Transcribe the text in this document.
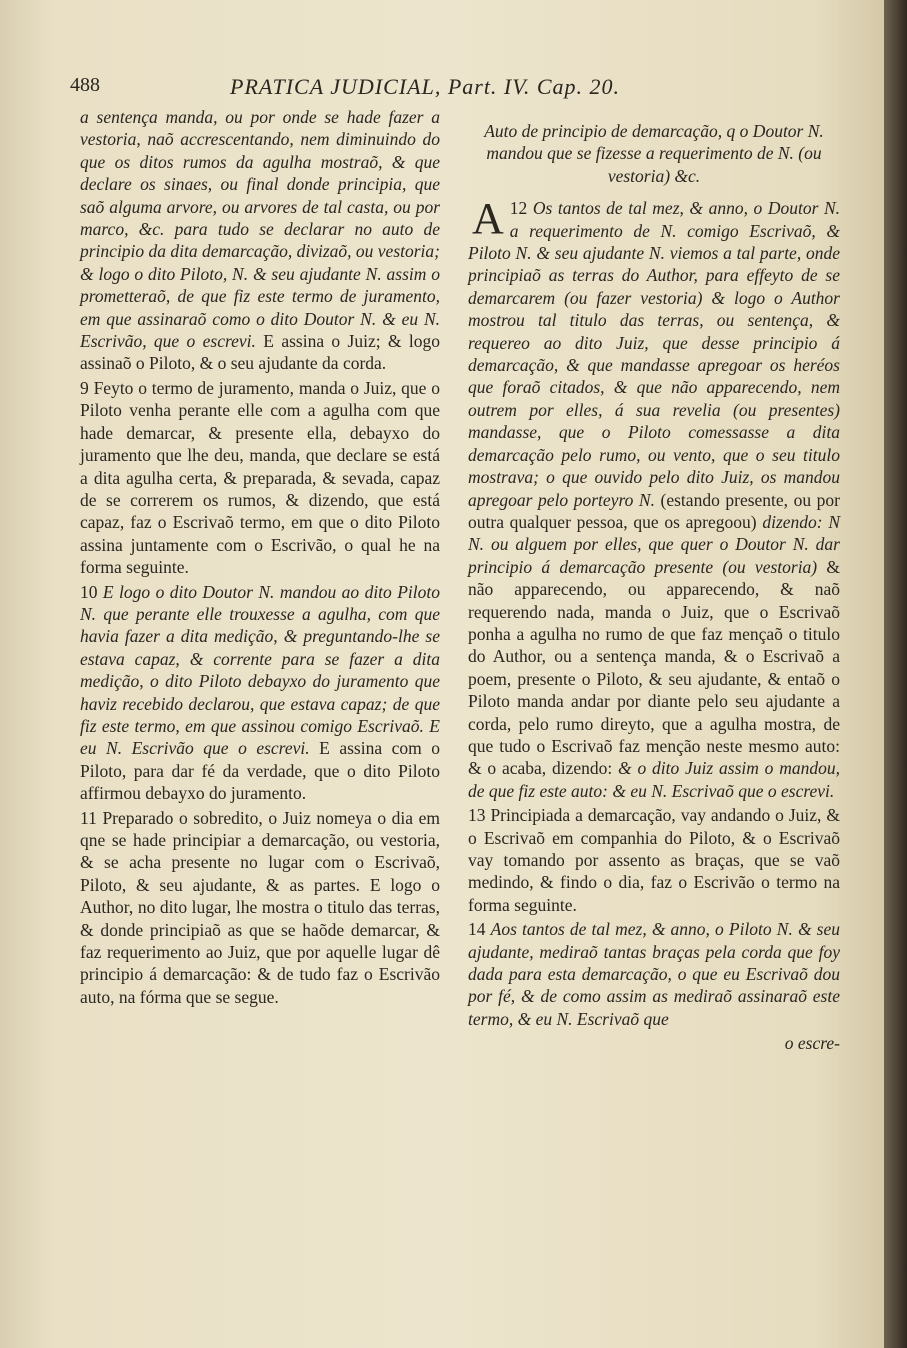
488	PRATICA JUDICIAL, Part. IV. Cap. 20.

a sentença manda, ou por onde se hade fazer a vestoria, naõ accrescentando, nem diminuindo do que os ditos rumos da agulha mostraõ, & que declare os sinaes, ou final donde principia, que saõ alguma arvore, ou arvores de tal casta, ou por marco, &c. para tudo se declarar no auto de principio da dita demarcação, divizaõ, ou vestoria; & logo o dito Piloto, N. & seu ajudante N. assim o prometteraõ, de que fiz este termo de juramento, em que assinaraõ como o dito Doutor N. & eu N. Escrivão, que o escrevi. E assina o Juiz; & logo assinaõ o Piloto, & o seu ajudante da corda.

9 Feyto o termo de juramento, manda o Juiz, que o Piloto venha perante elle com a agulha com que hade demarcar, & presente ella, debayxo do juramento que lhe deu, manda, que declare se está a dita agulha certa, & preparada, & sevada, capaz de se correrem os rumos, & dizendo, que está capaz, faz o Escrivaõ termo, em que o dito Piloto assina juntamente com o Escrivão, o qual he na forma seguinte.

10 E logo o dito Doutor N. mandou ao dito Piloto N. que perante elle trouxesse a agulha, com que havia fazer a dita medição, & preguntando-lhe se estava capaz, & corrente para se fazer a dita medição, o dito Piloto debayxo do juramento que haviz recebido declarou, que estava capaz; de que fiz este termo, em que assinou comigo Escrivaõ. E eu N. Escrivão que o escrevi. E assina com o Piloto, para dar fé da verdade, que o dito Piloto affirmou debayxo do juramento.

11 Preparado o sobredito, o Juiz nomeya o dia em qne se hade principiar a demarcação, ou vestoria, & se acha presente no lugar com o Escrivaõ, Piloto, & seu ajudante, & as partes. E logo o Author, no dito lugar, lhe mostra o titulo das terras, & donde principiaõ as que se haõde demarcar, & faz requerimento ao Juiz, que por aquelle lugar dê principio á demarcação: & de tudo faz o Escrivão auto, na fórma que se segue.

Auto de principio de demarcação, q o Doutor N. mandou que se fizesse a requerimento de N. (ou vestoria) &c.

12
A Os tantos de tal mez, & anno, o Doutor N. a requerimento de N. comigo Escrivaõ, & Piloto N. & seu ajudante N. viemos a tal parte, onde principiaõ as terras do Author, para effeyto de se demarcarem (ou fazer vestoria) & logo o Author mostrou tal titulo das terras, ou sentença, & requereo ao dito Juiz, que desse principio á demarcação, & que mandasse apregoar os heréos que foraõ citados, & que não apparecendo, nem outrem por elles, á sua revelia (ou presentes) mandasse, que o Piloto comessasse a dita demarcação pelo rumo, ou vento, que o seu titulo mostrava; o que ouvido pelo dito Juiz, os mandou apregoar pelo porteyro N. (estando presente, ou por outra qualquer pessoa, que os apregoou) dizendo: N N. ou alguem por elles, que quer o Doutor N. dar principio á demarcação presente (ou vestoria) & não apparecendo, ou apparecendo, & naõ requerendo nada, manda o Juiz, que o Escrivaõ ponha a agulha no rumo de que faz mençaõ o titulo do Author, ou a sentença manda, & o Escrivaõ a poem, presente o Piloto, & seu ajudante, & entaõ o Piloto manda andar por diante pelo seu ajudante a corda, pelo rumo direyto, que a agulha mostra, de que tudo o Escrivaõ faz menção neste mesmo auto: & o acaba, dizendo: & o dito Juiz assim o mandou, de que fiz este auto: & eu N. Escrivaõ que o escrevi.

13 Principiada a demarcação, vay andando o Juiz, & o Escrivaõ em companhia do Piloto, & o Escrivaõ vay tomando por assento as braças, que se vaõ medindo, & findo o dia, faz o Escrivão o termo na forma seguinte.

14 Aos tantos de tal mez, & anno, o Piloto N. & seu ajudante, mediraõ tantas braças pela corda que foy dada para esta demarcação, o que eu Escrivaõ dou por fé, & de como assim as mediraõ assinaraõ este termo, & eu N. Escrivaõ que

o escre-
